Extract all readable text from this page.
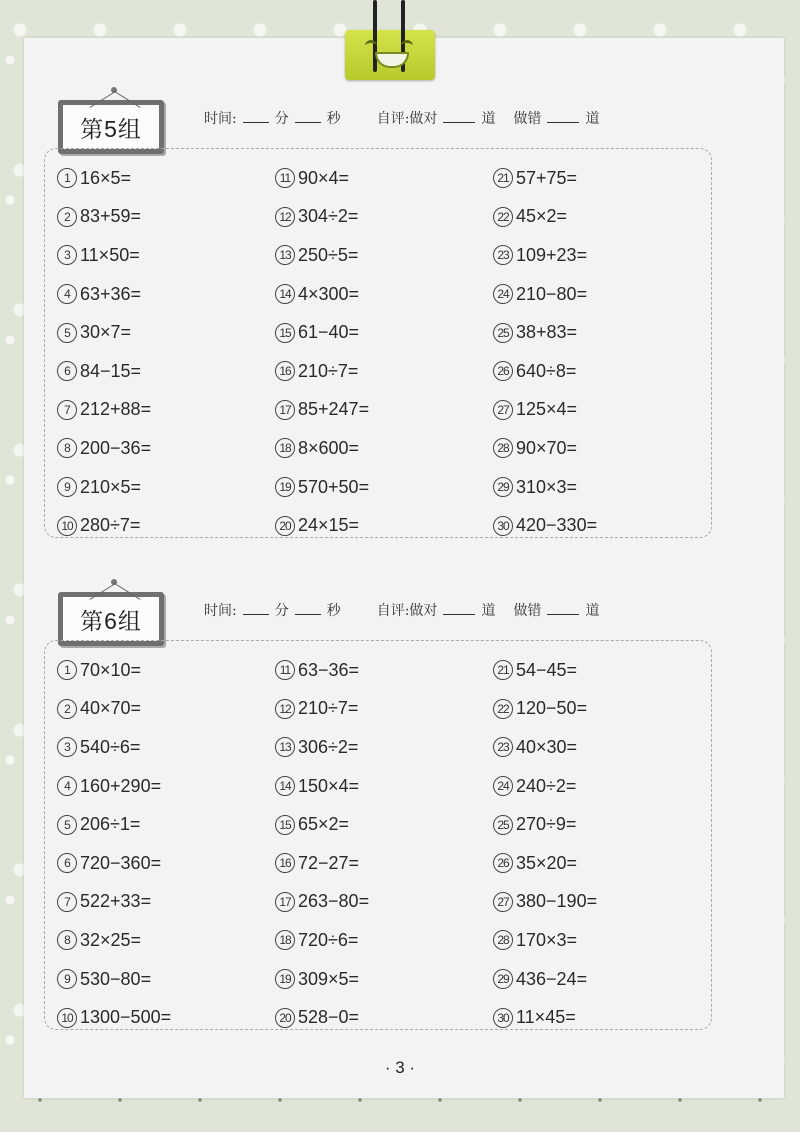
第5组	时间:	分	秒	自评:做对	道 做错	道
1 16×5=
2 83+59=
3 11×50=
4 63+36=
5 30×7=
6 84−15=
7 212+88=
8 200−36=
9 210×5=
10 280÷7=
11 90×4=
12 304÷2=
13 250÷5=
14 4×300=
15 61−40=
16 210÷7=
17 85+247=
18 8×600=
19 570+50=
20 24×15=
21 57+75=
22 45×2=
23 109+23=
24 210−80=
25 38+83=
26 640÷8=
27 125×4=
28 90×70=
29 310×3=
30 420−330=
第6组	时间:	分	秒	自评:做对	道 做错	道
1 70×10=
2 40×70=
3 540÷6=
4 160+290=
5 206÷1=
6 720−360=
7 522+33=
8 32×25=
9 530−80=
10 1300−500=
11 63−36=
12 210÷7=
13 306÷2=
14 150×4=
15 65×2=
16 72−27=
17 263−80=
18 720÷6=
19 309×5=
20 528−0=
21 54−45=
22 120−50=
23 40×30=
24 240÷2=
25 270÷9=
26 35×20=
27 380−190=
28 170×3=
29 436−24=
30 11×45=
· 3 ·
